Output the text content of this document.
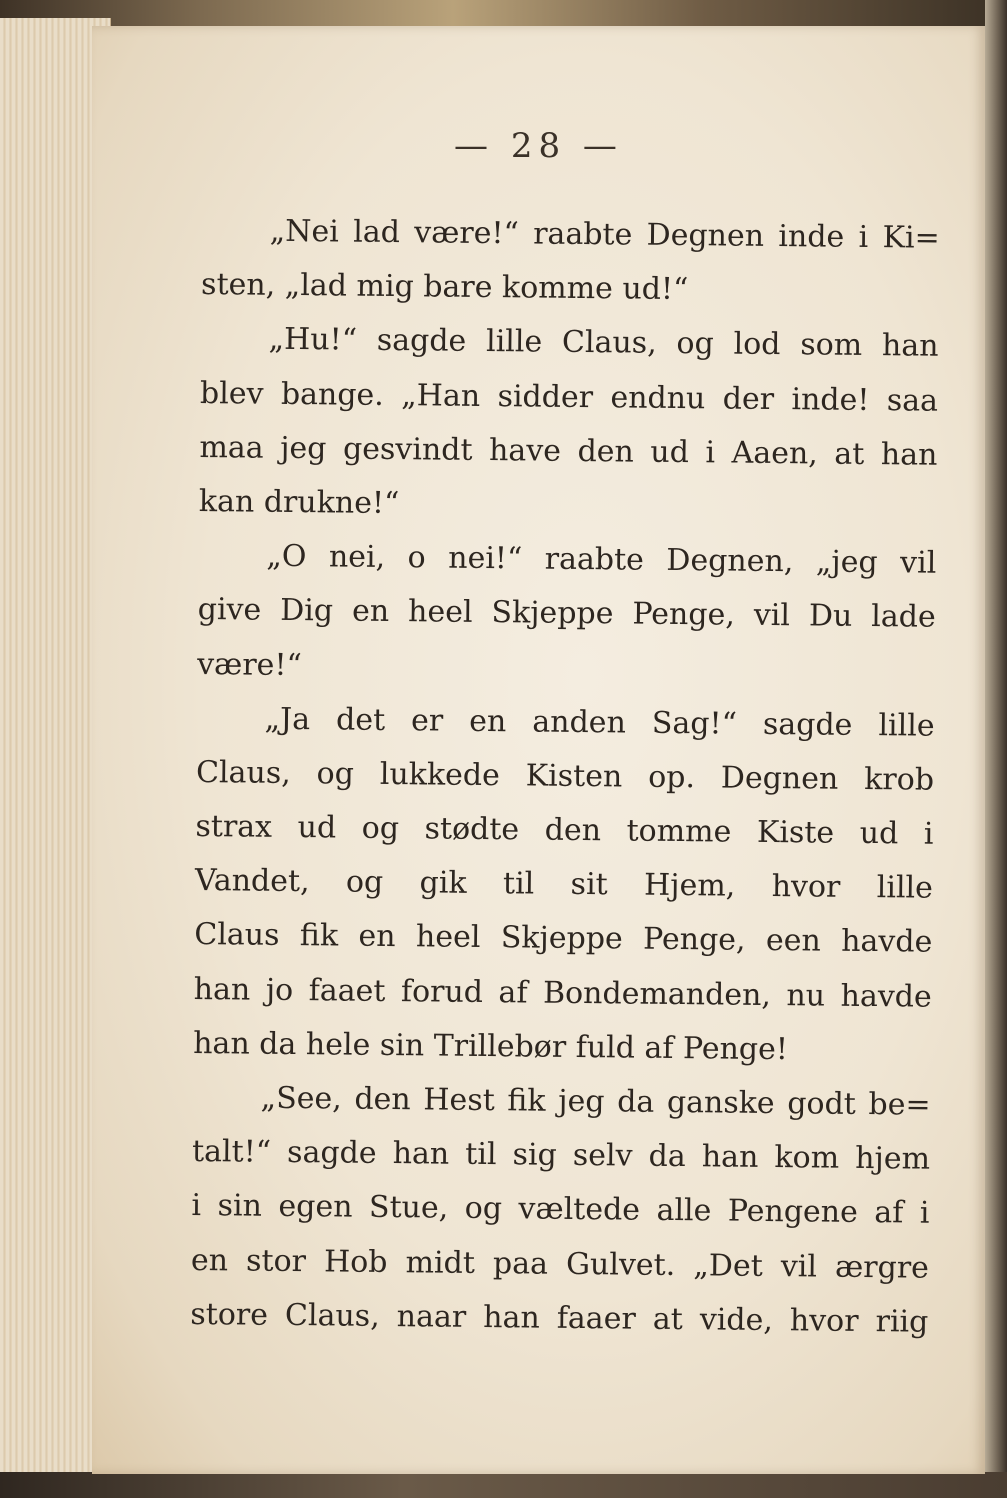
— 28 —
„Nei lad være!“ raabte Degnen inde i Ki=
sten, „lad mig bare komme ud!“
„Hu!“ sagde lille Claus, og lod som han
blev bange. „Han sidder endnu der inde! saa
maa jeg gesvindt have den ud i Aaen, at han
kan drukne!“
„O nei, o nei!“ raabte Degnen, „jeg vil
give Dig en heel Skjeppe Penge, vil Du lade
være!“
„Ja det er en anden Sag!“ sagde lille
Claus, og lukkede Kisten op. Degnen krob
strax ud og stødte den tomme Kiste ud i
Vandet, og gik til sit Hjem, hvor lille
Claus fik en heel Skjeppe Penge, een havde
han jo faaet forud af Bondemanden, nu havde
han da hele sin Trillebør fuld af Penge!
„See, den Hest fik jeg da ganske godt be=
talt!“ sagde han til sig selv da han kom hjem
i sin egen Stue, og væltede alle Pengene af i
en stor Hob midt paa Gulvet. „Det vil ærgre
store Claus, naar han faaer at vide, hvor riig
